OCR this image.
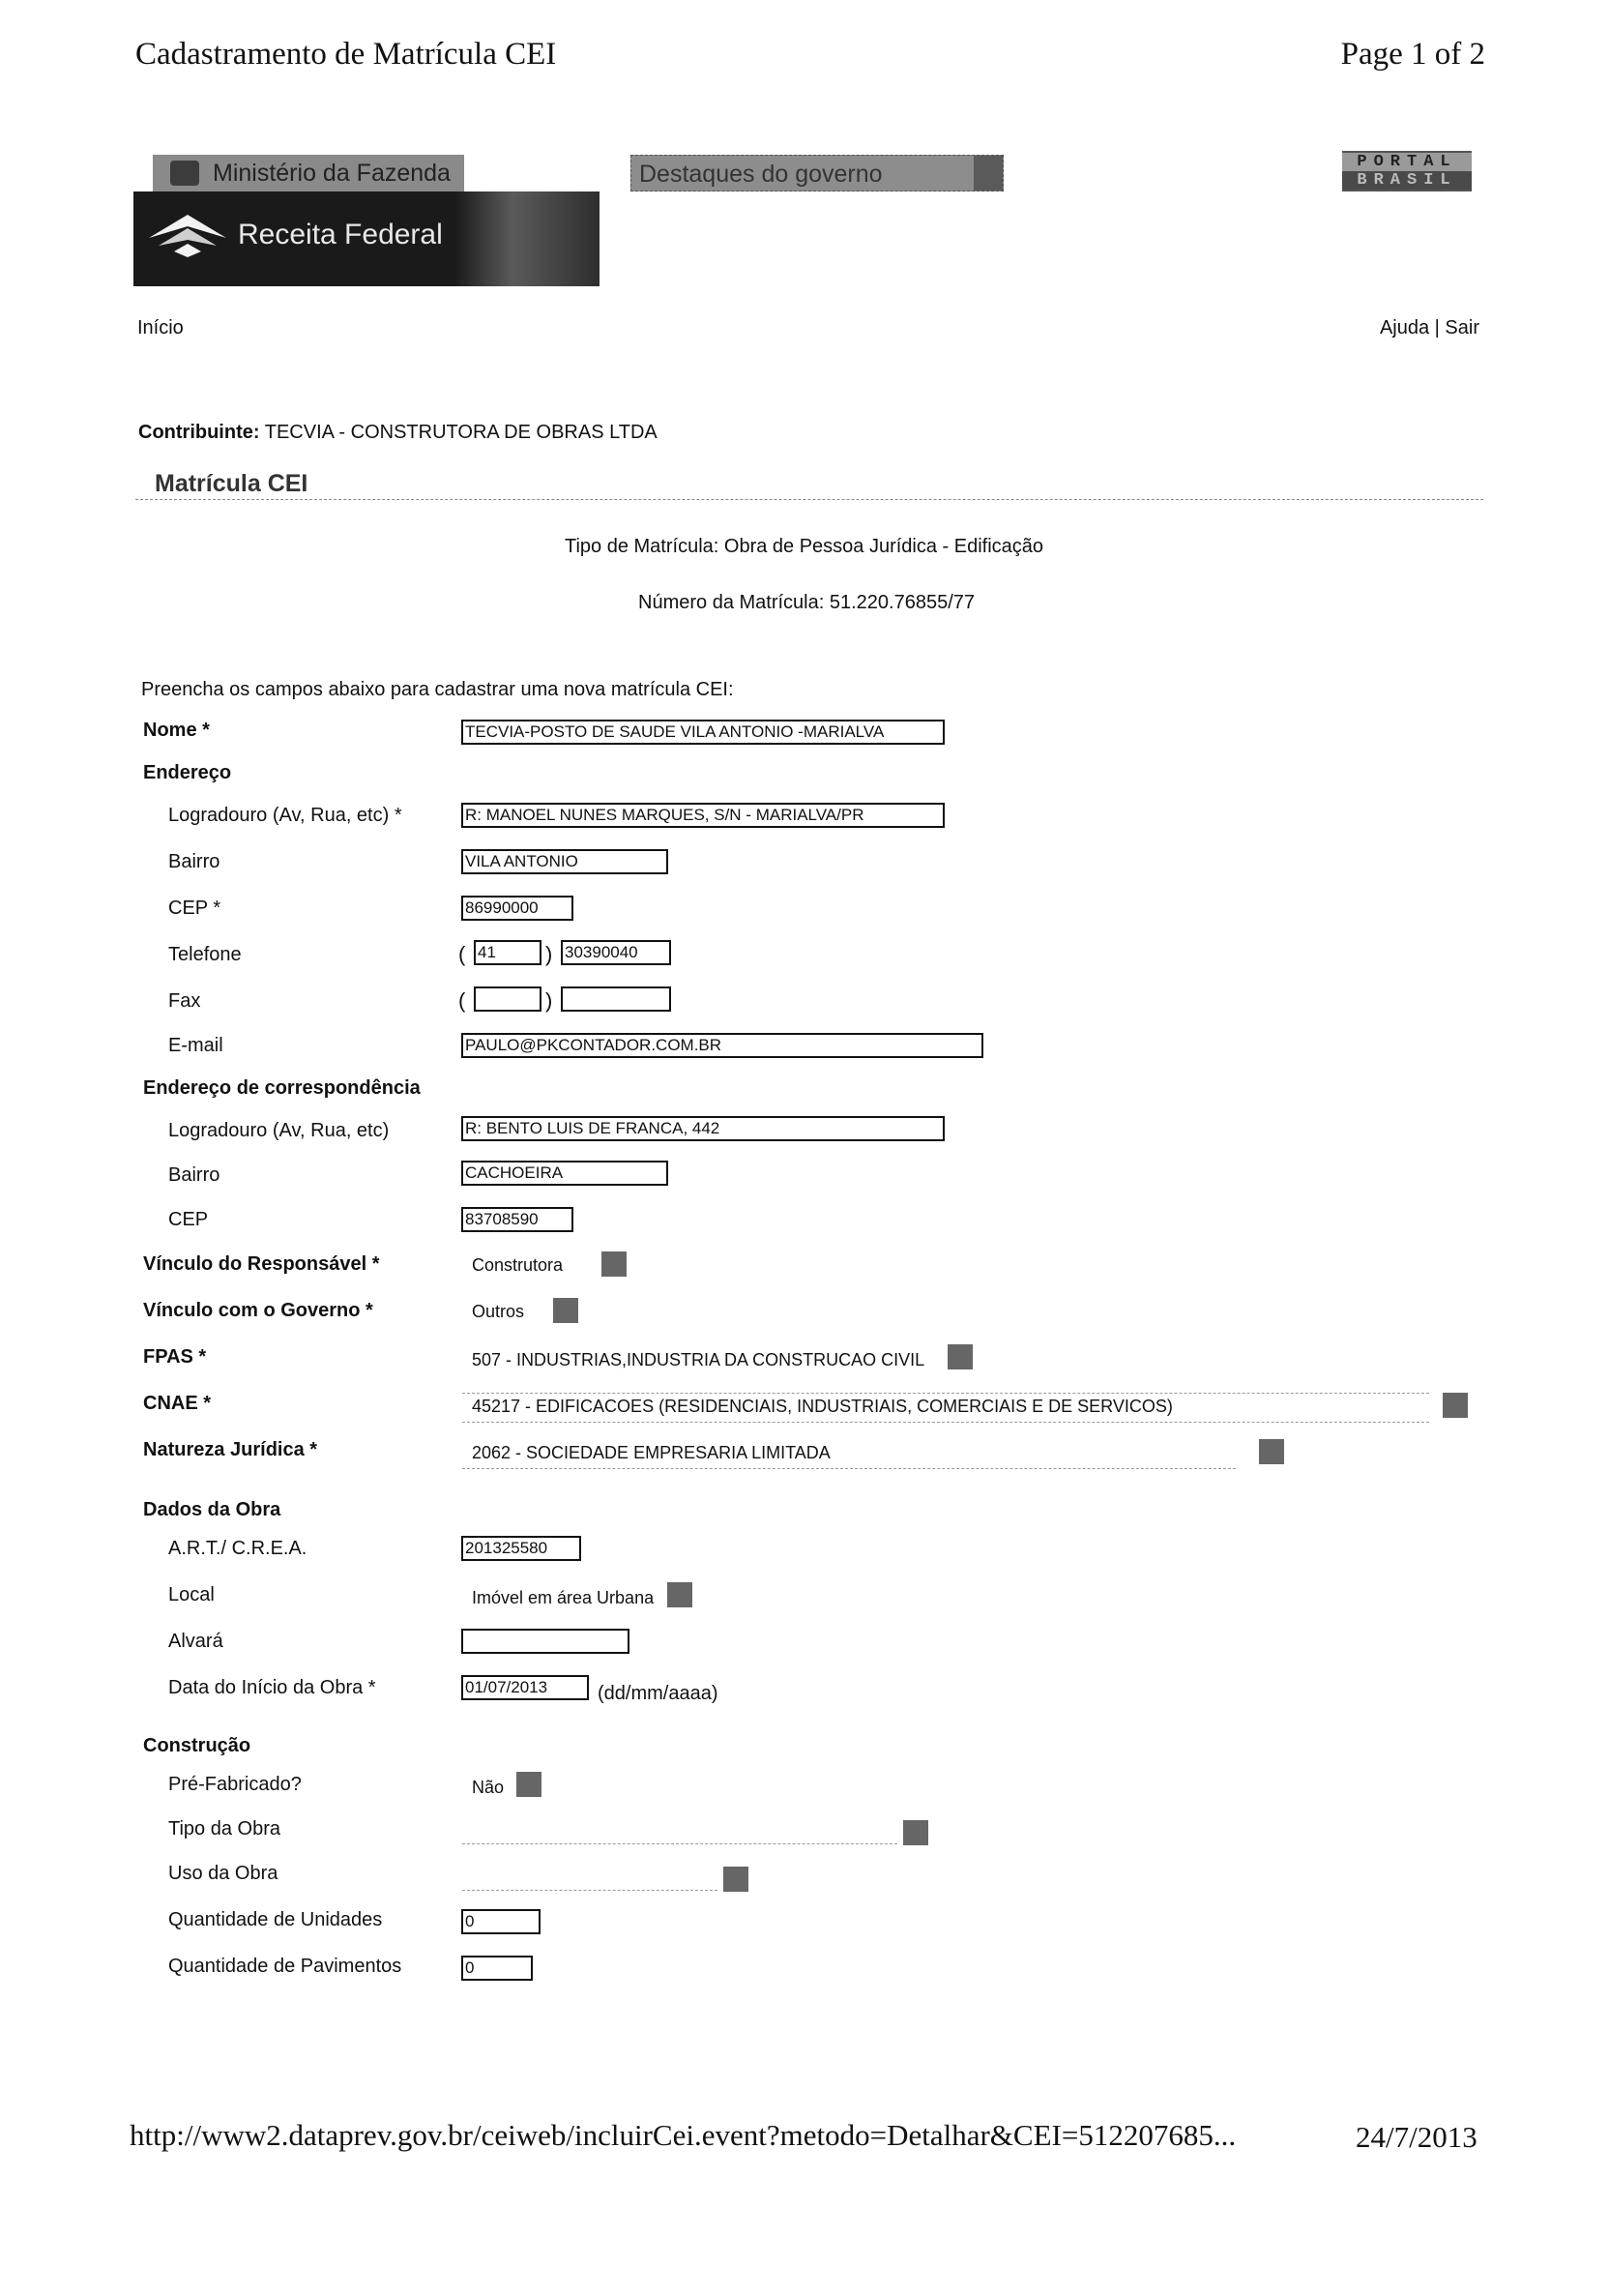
Cadastramento de Matrícula CEI	Page 1 of 2
Ministério da Fazenda
Receita Federal
Destaques do governo	PORTAL
BRASIL
Início	Ajuda | Sair
Contribuinte: TECVIA - CONSTRUTORA DE OBRAS LTDA
Matrícula CEI
Tipo de Matrícula: Obra de Pessoa Jurídica - Edificação
Número da Matrícula: 51.220.76855/77
Preencha os campos abaixo para cadastrar uma nova matrícula CEI:
Nome *	TECVIA-POSTO DE SAUDE VILA ANTONIO -MARIALVA
Endereço
Logradouro (Av, Rua, etc) *	R: MANOEL NUNES MARQUES, S/N - MARIALVA/PR
Bairro	VILA ANTONIO
CEP *	86990000
Telefone	( 41	) 30390040
Fax	(	)
E-mail	PAULO@PKCONTADOR.COM.BR
Endereço de correspondência
Logradouro (Av, Rua, etc)	R: BENTO LUIS DE FRANCA, 442
Bairro	CACHOEIRA
CEP	83708590
Vínculo do Responsável *	Construtora
Vínculo com o Governo *	Outros
FPAS *	507 - INDUSTRIAS,INDUSTRIA DA CONSTRUCAO CIVIL
CNAE *	45217 - EDIFICACOES (RESIDENCIAIS, INDUSTRIAIS, COMERCIAIS E DE SERVICOS)
Natureza Jurídica *	2062 - SOCIEDADE EMPRESARIA LIMITADA
Dados da Obra
A.R.T./ C.R.E.A.	201325580
Local	Imóvel em área Urbana
Alvará
Data do Início da Obra *	01/07/2013	(dd/mm/aaaa)
Construção
Pré-Fabricado?	Não
Tipo da Obra
Uso da Obra
Quantidade de Unidades	0
Quantidade de Pavimentos	0
http://www2.dataprev.gov.br/ceiweb/incluirCei.event?metodo=Detalhar&CEI=512207685...	24/7/2013
